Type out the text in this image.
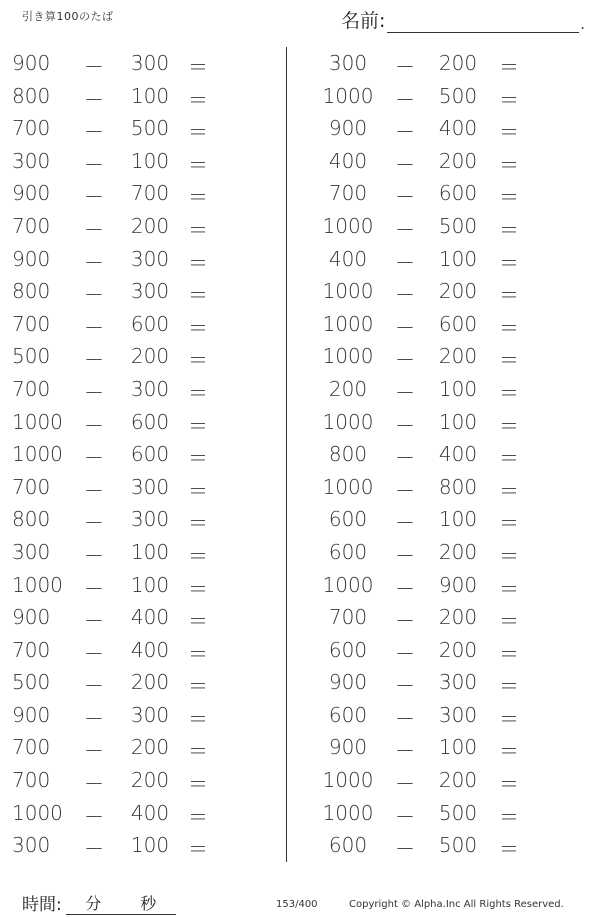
引き算100のたば	名前:	.
900	－	300 ＝
800	－	100 ＝
700	－	500 ＝
300	－	100 ＝
900	－	700 ＝
700	－	200 ＝
900	－	300 ＝
800	－	300 ＝
700	－	600 ＝
500	－	200 ＝
700	－	300 ＝
1000 －	600 ＝
1000 －	600 ＝
700	－	300 ＝
800	－	300 ＝
300	－	100 ＝
1000 －	100 ＝
900	－	400 ＝
700	－	400 ＝
500	－	200 ＝
900	－	300 ＝
700	－	200 ＝
700	－	200 ＝
1000 －	400 ＝
300	－	100 ＝
300	－	200	＝
1000 －	500	＝
900	－	400	＝
400	－	200	＝
700	－	600	＝
1000 －	500	＝
400	－	100	＝
1000 －	200	＝
1000 －	600	＝
1000 －	200	＝
200	－	100	＝
1000 －	100	＝
800	－	400	＝
1000 －	800	＝
600	－	100	＝
600	－	200	＝
1000 －	900	＝
700	－	200	＝
600	－	200	＝
900	－	300	＝
600	－	300	＝
900	－	100	＝
1000 －	200	＝
1000 －	500	＝
600	－	500	＝
時間: 分 秒	153/400	Copyright © Alpha.Inc All Rights Reserved.
